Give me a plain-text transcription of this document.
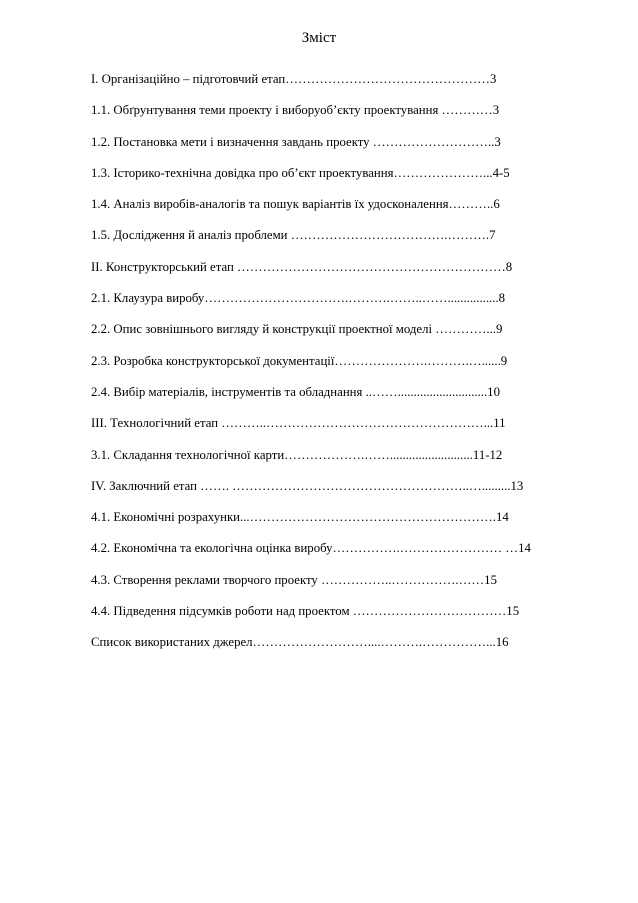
Зміст
I. Організаційно – підготовчий етап…………………………………………3
1.1. Обґрунтування теми проекту і виборуоб’єкту проектування …………3
1.2. Постановка мети і визначення завдань проекту ………………………..3
1.3. Історико-технічна довідка про об’єкт проектування…………………...4-5
1.4. Аналіз виробів-аналогів та пошук варіантів їх удосконалення………..6
1.5. Дослідження й аналіз проблеми ……………………………….……….7
II. Конструкторський етап ………………………………………………………8
2.1. Клаузура виробу…………………………….……….……..……................8
2.2. Опис зовнішнього вигляду й конструкції проектної моделі …………...9
2.3. Розробка конструкторської документації………………….……….…......9
2.4. Вибір матеріалів, інструментів та обладнання ..……............................10
III. Технологічний етап ………..……………………………………………...11
3.1. Складання технологічної карти……………….……..........................11-12
IV. Заключний етап ……. ………………………………………………..….........13
4.1. Економічні розрахунки...………………………………………………….14
4.2. Економічна та екологічна оцінка виробу…………….…………………… …14
4.3. Створення реклами творчого проекту ……………..…………….……15
4.4. Підведення підсумків роботи над проектом ………………………………15
Список використаних джерел………………………....……….……………...16
